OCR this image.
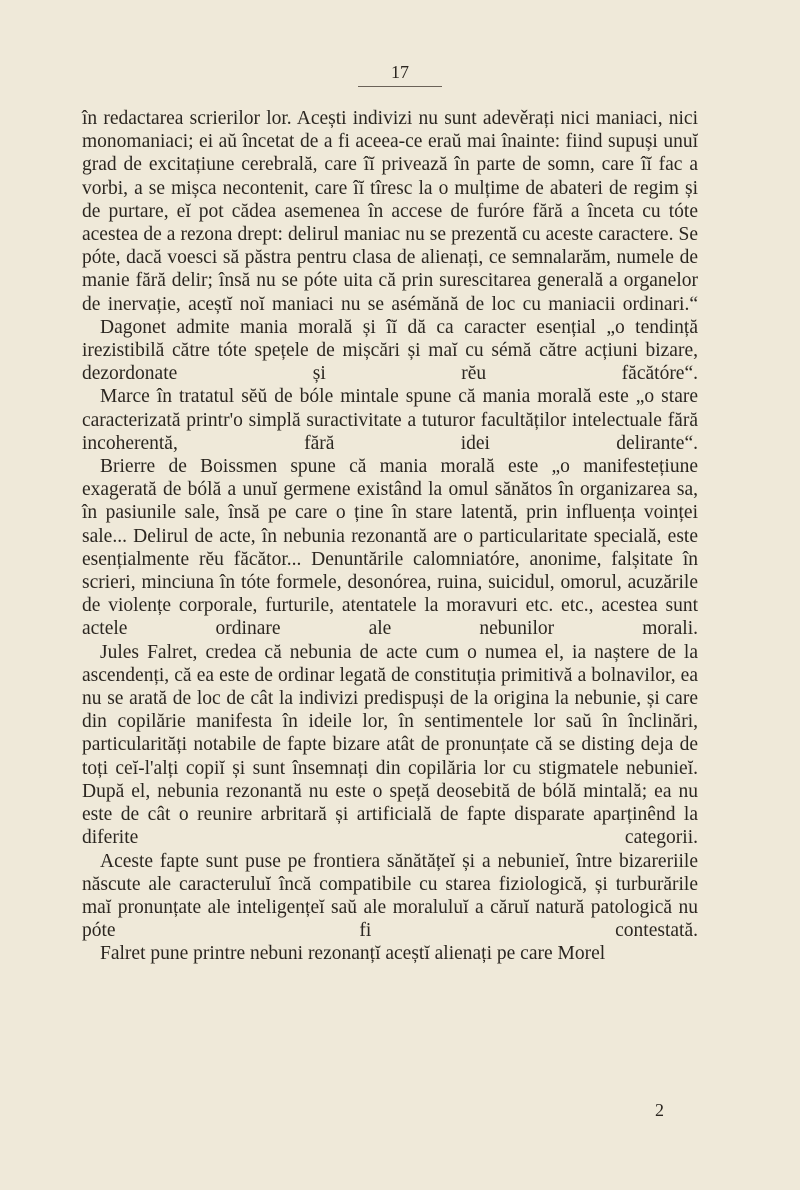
17

în redactarea scrierilor lor. Acești indivizi nu sunt adevěrați nici maniaci, nici monomaniaci; ei aŭ încetat de a fi aceea-ce eraŭ mai înainte: fiind supuși unuĭ grad de excitațiune cerebrală, care îĭ privează în parte de somn, care îĭ fac a vorbi, a se mișca necontenit, care îĭ tîresc la o mulțime de abateri de regim și de purtare, eĭ pot cădea asemenea în accese de furóre fără a înceta cu tóte acestea de a rezona drept: delirul maniac nu se prezentă cu aceste caractere. Se póte, dacă voesci să păstra pentru clasa de alienați, ce semnalarăm, numele de manie fără delir; însă nu se póte uita că prin surescitarea generală a organelor de inervație, aceștĭ noĭ maniaci nu se asémănă de loc cu maniacii ordinari.“

Dagonet admite mania morală și îĭ dă ca caracter esențial „o tendință irezistibilă către tóte spețele de mișcări și maĭ cu sémă către acțiuni bizare, dezordonate și rĕu făcătóre“.

Marce în tratatul sĕŭ de bóle mintale spune că mania morală este „o stare caracterizată printr'o simplă suractivitate a tuturor facultăților intelectuale fără incoherentă, fără idei delirante“.

Brierre de Boissmen spune că mania morală este „o manifestețiune exagerată de bólă a unuĭ germene existând la omul sănătos în organizarea sa, în pasiunile sale, însă pe care o ține în stare latentă, prin influența voinței sale... Delirul de acte, în nebunia rezonantă are o particularitate specială, este esențialmente rĕu făcător... Denuntările calomniatóre, anonime, falșitate în scrieri, minciuna în tóte formele, desonórea, ruina, suicidul, omorul, acuzările de violențe corporale, furturile, atentatele la moravuri etc. etc., acestea sunt actele ordinare ale nebunilor morali.

Jules Falret, credea că nebunia de acte cum o numea el, ia naștere de la ascendenți, că ea este de ordinar legată de constituția primitivă a bolnavilor, ea nu se arată de loc de cât la indivizi predispuși de la origina la nebunie, și care din copilărie manifesta în ideile lor, în sentimentele lor saŭ în înclinări, particularități notabile de fapte bizare atât de pronunțate că se disting deja de toți ceĭ-l'alți copiĭ și sunt însemnați din copilăria lor cu stigmatele nebunieĭ. După el, nebunia rezonantă nu este o speță deosebită de bólă mintală; ea nu este de cât o reunire arbritară și artificială de fapte disparate aparținênd la diferite categorii.

Aceste fapte sunt puse pe frontiera sănătățeĭ și a nebunieĭ, între bizareriile născute ale caracteruluĭ încă compatibile cu starea fiziologică, și turburările maĭ pronunțate ale inteligențeĭ saŭ ale moraluluĭ a căruĭ natură patologică nu póte fi contestată.

Falret pune printre nebuni rezonanțĭ aceștĭ alienați pe care Morel

2
